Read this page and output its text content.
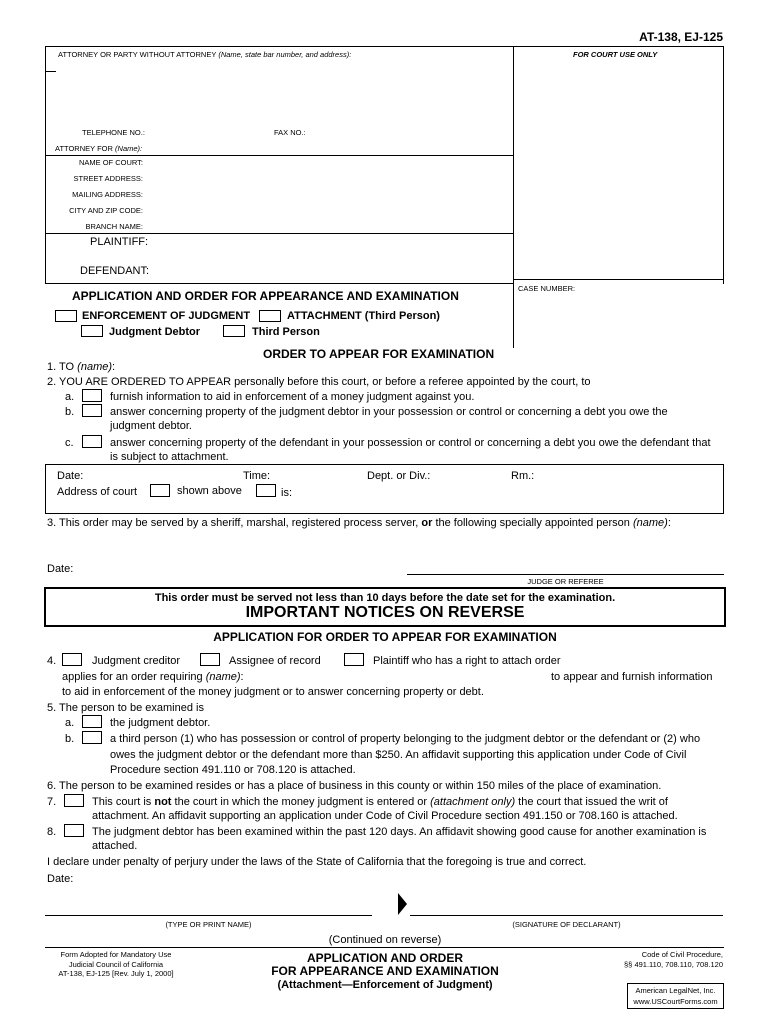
AT-138, EJ-125
ATTORNEY OR PARTY WITHOUT ATTORNEY (Name, state bar number, and address):	FOR COURT USE ONLY
TELEPHONE NO.:	FAX NO.:
ATTORNEY FOR (Name):
NAME OF COURT:
STREET ADDRESS:
MAILING ADDRESS:
CITY AND ZIP CODE:
BRANCH NAME:
PLAINTIFF:
DEFENDANT:
CASE NUMBER:
APPLICATION AND ORDER FOR APPEARANCE AND EXAMINATION
ENFORCEMENT OF JUDGMENT	ATTACHMENT (Third Person)
Judgment Debtor	Third Person
ORDER TO APPEAR FOR EXAMINATION
1. TO (name):
2. YOU ARE ORDERED TO APPEAR personally before this court, or before a referee appointed by the court, to
a.	furnish information to aid in enforcement of a money judgment against you.
b.	answer concerning property of the judgment debtor in your possession or control or concerning a debt you owe the judgment debtor.
c.	answer concerning property of the defendant in your possession or control or concerning a debt you owe the defendant that is subject to attachment.
Date:	Time:	Dept. or Div.:	Rm.:
Address of court	shown above	is:
3. This order may be served by a sheriff, marshal, registered process server, or the following specially appointed person (name):
Date:
JUDGE OR REFEREE
This order must be served not less than 10 days before the date set for the examination.
IMPORTANT NOTICES ON REVERSE
APPLICATION FOR ORDER TO APPEAR FOR EXAMINATION
4.	Judgment creditor	Assignee of record	Plaintiff who has a right to attach order
applies for an order requiring (name):	to appear and furnish information
to aid in enforcement of the money judgment or to answer concerning property or debt.
5. The person to be examined is
a.	the judgment debtor.
b.	a third person (1) who has possession or control of property belonging to the judgment debtor or the defendant or (2) who owes the judgment debtor or the defendant more than $250. An affidavit supporting this application under Code of Civil Procedure section 491.110 or 708.120 is attached.
6. The person to be examined resides or has a place of business in this county or within 150 miles of the place of examination.
7.	This court is not the court in which the money judgment is entered or (attachment only) the court that issued the writ of attachment. An affidavit supporting an application under Code of Civil Procedure section 491.150 or 708.160 is attached.
8.	The judgment debtor has been examined within the past 120 days. An affidavit showing good cause for another examination is attached.
I declare under penalty of perjury under the laws of the State of California that the foregoing is true and correct.
Date:
(TYPE OR PRINT NAME)	(SIGNATURE OF DECLARANT)
(Continued on reverse)
Form Adopted for Mandatory Use
Judicial Council of California
AT-138, EJ-125 [Rev. July 1, 2000]
APPLICATION AND ORDER
FOR APPEARANCE AND EXAMINATION
(Attachment—Enforcement of Judgment)
Code of Civil Procedure,
§§ 491.110, 708.110, 708.120
American LegalNet, Inc.
www.USCourtForms.com
